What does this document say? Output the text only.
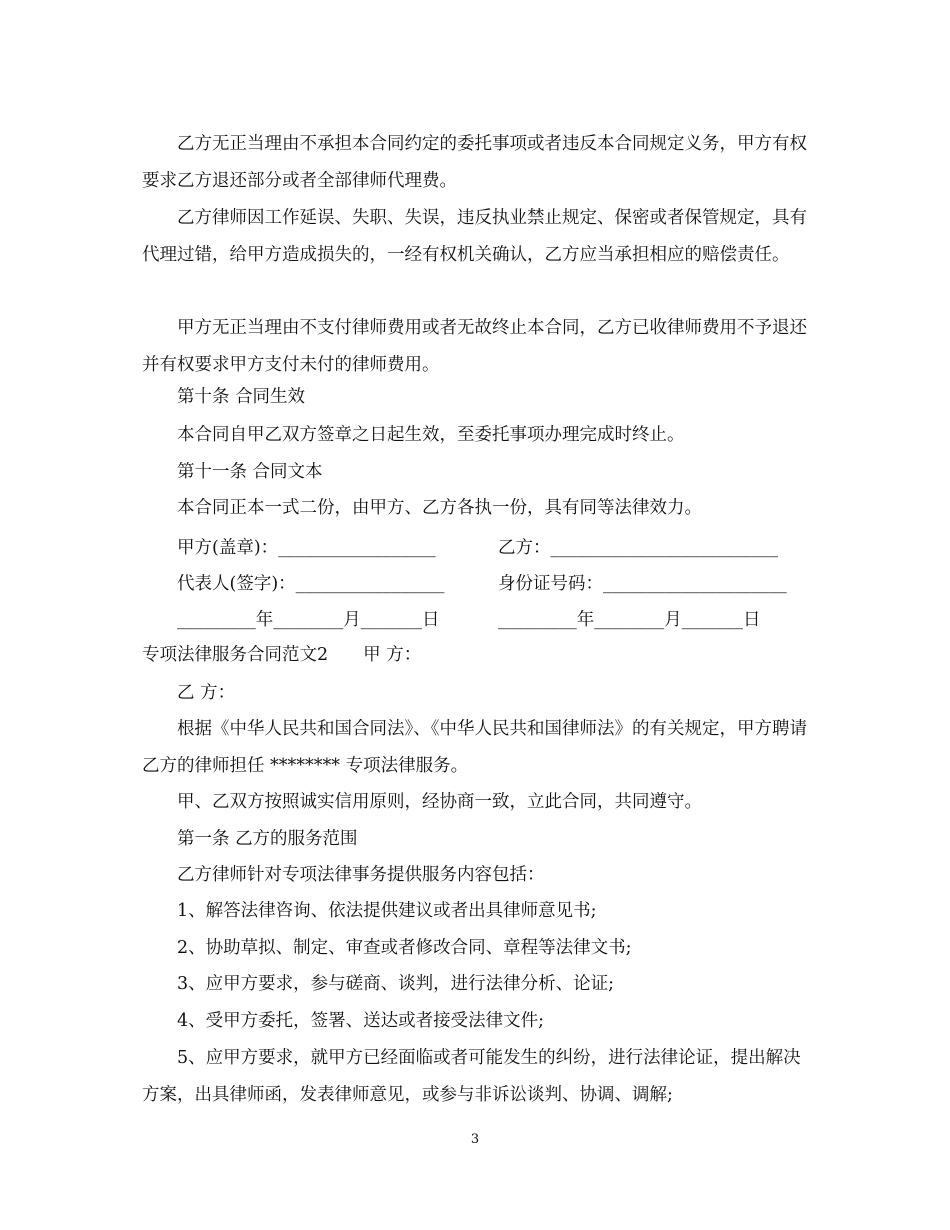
乙方无正当理由不承担本合同约定的委托事项或者违反本合同规定义务，甲方有权要求乙方退还部分或者全部律师代理费。
乙方律师因工作延误、失职、失误，违反执业禁止规定、保密或者保管规定，具有代理过错，给甲方造成损失的，一经有权机关确认，乙方应当承担相应的赔偿责任。
甲方无正当理由不支付律师费用或者无故终止本合同，乙方已收律师费用不予退还并有权要求甲方支付未付的律师费用。
第十条 合同生效
本合同自甲乙双方签章之日起生效，至委托事项办理完成时终止。
第十一条 合同文本
本合同正本一式二份，由甲方、乙方各执一份，具有同等法律效力。
甲方(盖章)：__________________	乙方：__________________________
代表人(签字)：_________________	身份证号码：_____________________
_________年________月_______日	_________年________月_______日
专项法律服务合同范文2　　甲 方：
乙 方：
根据《中华人民共和国合同法》、《中华人民共和国律师法》的有关规定，甲方聘请乙方的律师担任 ******** 专项法律服务。
甲、乙双方按照诚实信用原则，经协商一致，立此合同，共同遵守。
第一条 乙方的服务范围
乙方律师针对专项法律事务提供服务内容包括：
1、解答法律咨询、依法提供建议或者出具律师意见书;
2、协助草拟、制定、审查或者修改合同、章程等法律文书;
3、应甲方要求，参与磋商、谈判，进行法律分析、论证;
4、受甲方委托，签署、送达或者接受法律文件;
5、应甲方要求，就甲方已经面临或者可能发生的纠纷，进行法律论证，提出解决方案，出具律师函，发表律师意见，或参与非诉讼谈判、协调、调解;
3
